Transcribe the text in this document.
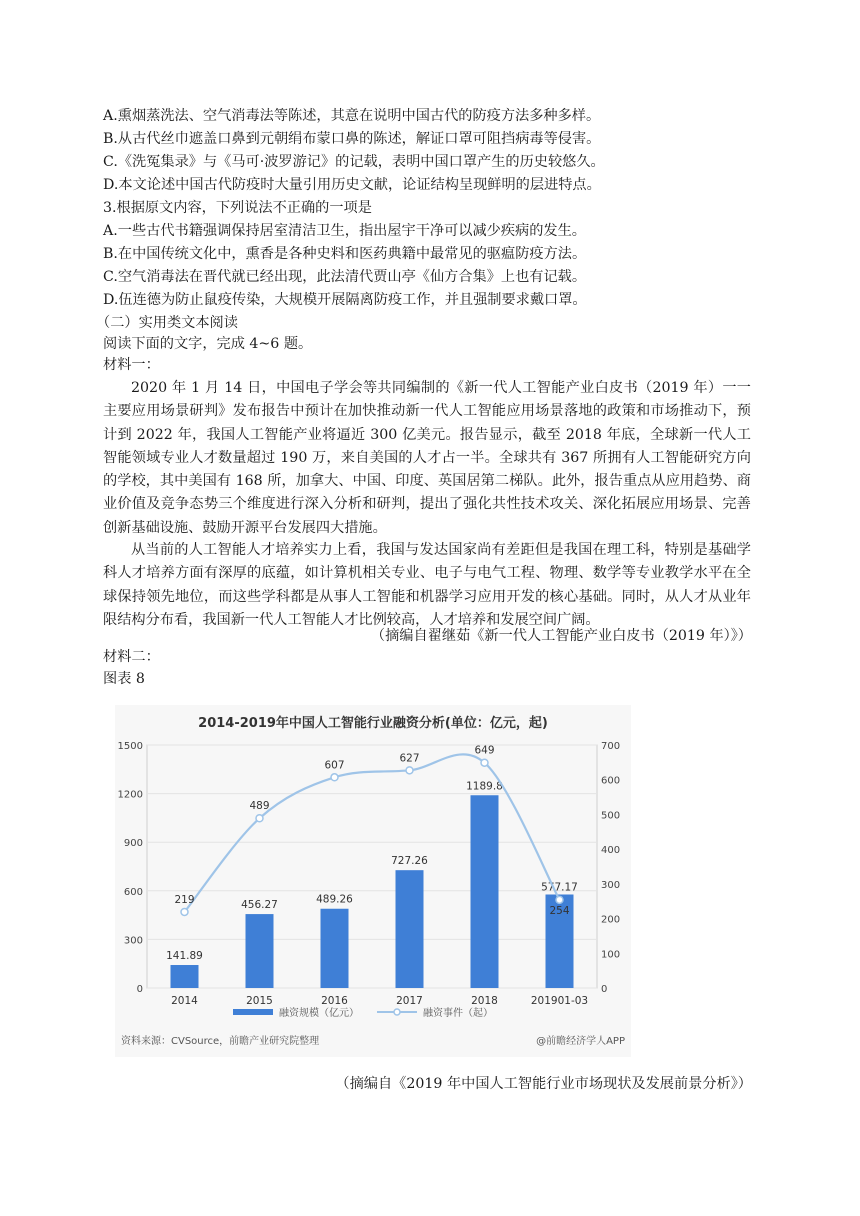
A.熏烟蒸洗法、空气消毒法等陈述，其意在说明中国古代的防疫方法多种多样。
B.从古代丝巾遮盖口鼻到元朝绢布蒙口鼻的陈述，解证口罩可阻挡病毒等侵害。
C.《洗冤集录》与《马可·波罗游记》的记载，表明中国口罩产生的历史较悠久。
D.本文论述中国古代防疫时大量引用历史文献，论证结构呈现鲜明的层进特点。
3.根据原文内容，下列说法不正确的一项是
A.一些古代书籍强调保持居室清洁卫生，指出屋宇干净可以减少疾病的发生。
B.在中国传统文化中，熏香是各种史料和医药典籍中最常见的驱瘟防疫方法。
C.空气消毒法在晋代就已经出现，此法清代贾山亭《仙方合集》上也有记载。
D.伍连德为防止鼠疫传染，大规模开展隔离防疫工作，并且强制要求戴口罩。
（二）实用类文本阅读
阅读下面的文字，完成 4~6 题。
材料一：
2020 年 1 月 14 日，中国电子学会等共同编制的《新一代人工智能产业白皮书（2019 年）一一主要应用场景研判》发布报告中预计在加快推动新一代人工智能应用场景落地的政策和市场推动下，预计到 2022 年，我国人工智能产业将逼近 300 亿美元。报告显示，截至 2018 年底，全球新一代人工智能领域专业人才数量超过 190 万，来自美国的人才占一半。全球共有 367 所拥有人工智能研究方向的学校，其中美国有 168 所，加拿大、中国、印度、英国居第二梯队。此外，报告重点从应用趋势、商业价值及竞争态势三个维度进行深入分析和研判，提出了强化共性技术攻关、深化拓展应用场景、完善创新基础设施、鼓励开源平台发展四大措施。
从当前的人工智能人才培养实力上看，我国与发达国家尚有差距但是我国在理工科，特别是基础学科人才培养方面有深厚的底蕴，如计算机相关专业、电子与电气工程、物理、数学等专业教学水平在全球保持领先地位，而这些学科都是从事人工智能和机器学习应用开发的核心基础。同时，从人才从业年限结构分布看，我国新一代人工智能人才比例较高，人才培养和发展空间广阔。
（摘编自翟继茹《新一代人工智能产业白皮书（2019 年）》）
材料二：
图表 8
2014-2019年中国人工智能行业融资分析(单位：亿元，起)
141.89
456.27	489.26
727.26
1189.8
577.17
219
489
607
627
649
254
0
300
600
900
1200
1500
0
100
200
300
400
500
600
700
2014	2015	2016	2017	2018	201901-03
融资规模（亿元）	融资事件（起）
资料来源：CVSource，前瞻产业研究院整理	@前瞻经济学人APP
（摘编自《2019 年中国人工智能行业市场现状及发展前景分析》）
